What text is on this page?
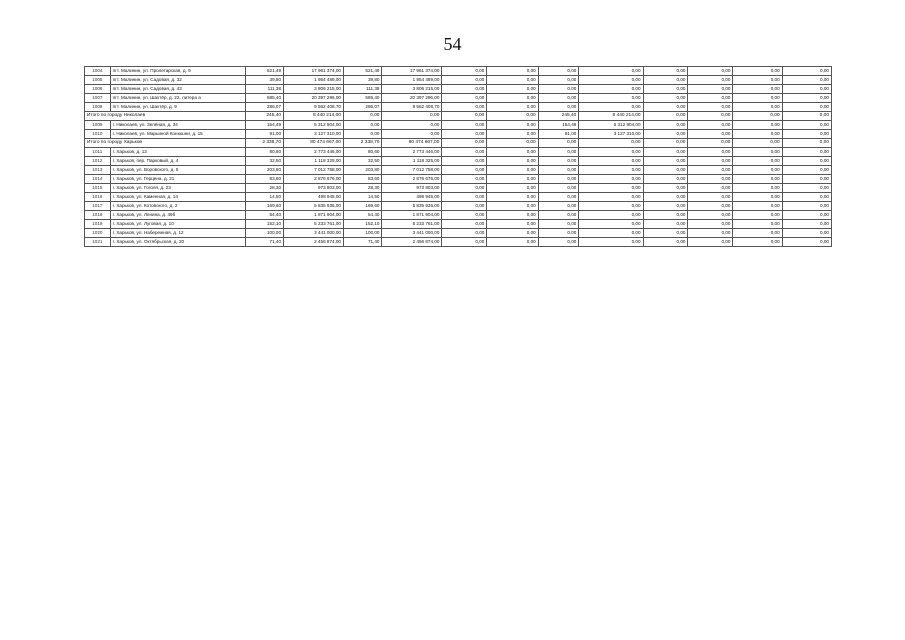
54
1004	пгт. Малинин, ул. Пролетарская, д. 9	521,49	17 961 374,00	521,49	17 961 374,00	0,00	0,00	0,00	0,00	0,00	0,00	0,00	0,00
1005	пгт. Малинин, ул. Садовая, д. 32	39,80	1 954 489,00	39,80	1 954 489,00	0,00	0,00	0,00	0,00	0,00	0,00	0,00	0,00
1006	пгт. Малинин, ул. Садовая, д. 43	111,38	3 806 215,00	111,38	3 806 215,00	0,00	0,00	0,00	0,00	0,00	0,00	0,00	0,00
1007	пгт. Малинин, ул. Шахтёр, д. 22, литера а	585,40	20 397 296,00	585,40	20 397 296,00	0,00	0,00	0,00	0,00	0,00	0,00	0,00	0,00
1008	пгт. Малинин, ул. Шахтёр, д. 9	286,07	9 562 408,70	286,07	9 562 408,70	0,00	0,00	0,00	0,00	0,00	0,00	0,00	0,00
Итого по городу Николаев		245,40	8 440 214,00	0,00	0,00	0,00	0,00	245,40	8 440 214,00	0,00	0,00	0,00	0,00
1009	г. Николаев, ул. Зелёная, д. 34	154,49	5 312 904,00	0,00	0,00	0,00	0,00	154,49	5 312 904,00	0,00	0,00	0,00	0,00
1010	г. Николаев, ул. Марьиной Конюшни, д. 15	91,00	3 127 310,00	0,00	0,00	0,00	0,00	91,00	3 127 310,00	0,00	0,00	0,00	0,00
Итого по городу Харьков		2 338,70	80 474 667,00	2 338,70	80 474 667,00	0,00	0,00	0,00	0,00	0,00	0,00	0,00	0,00
1011	г. Харьков, д. 13	80,60	2 773 446,00	80,60	2 773 446,00	0,00	0,00	0,00	0,00	0,00	0,00	0,00	0,00
1012	г. Харьков, пер. Парковый, д. 4	32,50	1 118 325,00	32,50	1 118 325,00	0,00	0,00	0,00	0,00	0,00	0,00	0,00	0,00
1013	г. Харьков, ул. Воровского, д. 5	203,80	7 012 758,00	203,80	7 012 758,00	0,00	0,00	0,00	0,00	0,00	0,00	0,00	0,00
1014	г. Харьков, ул. Герцена, д. 21	83,60	2 876 676,00	83,60	2 876 676,00	0,00	0,00	0,00	0,00	0,00	0,00	0,00	0,00
1015	г. Харьков, ул. Гоголя, д. 23	28,30	973 803,00	28,30	973 803,00	0,00	0,00	0,00	0,00	0,00	0,00	0,00	0,00
1016	г. Харьков, ул. Каменная, д. 14	14,50	498 945,00	14,50	498 945,00	0,00	0,00	0,00	0,00	0,00	0,00	0,00	0,00
1017	г. Харьков, ул. Котовского, д. 2	169,60	5 835 936,00	169,60	5 835 936,00	0,00	0,00	0,00	0,00	0,00	0,00	0,00	0,00
1018	г. Харьков, ул. Ленина, д. 49б	54,40	1 871 904,00	54,40	1 871 904,00	0,00	0,00	0,00	0,00	0,00	0,00	0,00	0,00
1019	г. Харьков, ул. Луговая, д. 10	152,10	5 233 761,00	152,10	5 233 761,00	0,00	0,00	0,00	0,00	0,00	0,00	0,00	0,00
1020	г. Харьков, ул. Набережная, д. 12	100,00	3 441 000,00	100,00	3 441 000,00	0,00	0,00	0,00	0,00	0,00	0,00	0,00	0,00
1021	г. Харьков, ул. Октябрьская, д. 20	71,40	2 456 874,00	71,40	2 456 874,00	0,00	0,00	0,00	0,00	0,00	0,00	0,00	0,00
